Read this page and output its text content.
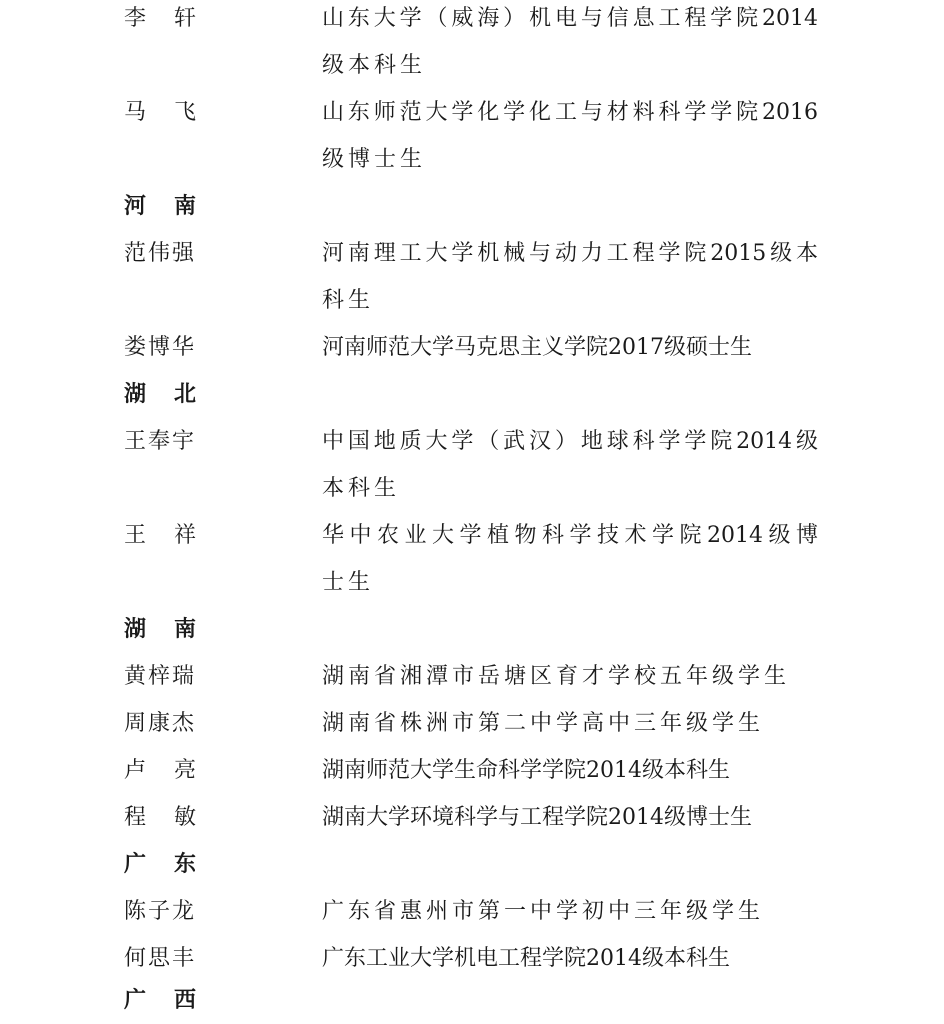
李 轩	山东大学（威海）机电与信息工程学院2014
级本科生
马 飞	山东师范大学化学化工与材料科学学院2016
级博士生
河 南
范伟强	河南理工大学机械与动力工程学院2015级本
科生
娄博华	河南师范大学马克思主义学院2017级硕士生
湖 北
王奉宇	中国地质大学（武汉）地球科学学院2014级
本科生
王 祥	华中农业大学植物科学技术学院2014级博
士生
湖 南
黄梓瑞	湖南省湘潭市岳塘区育才学校五年级学生
周康杰	湖南省株洲市第二中学高中三年级学生
卢 亮	湖南师范大学生命科学学院2014级本科生
程 敏	湖南大学环境科学与工程学院2014级博士生
广 东
陈子龙	广东省惠州市第一中学初中三年级学生
何思丰	广东工业大学机电工程学院2014级本科生
广 西
